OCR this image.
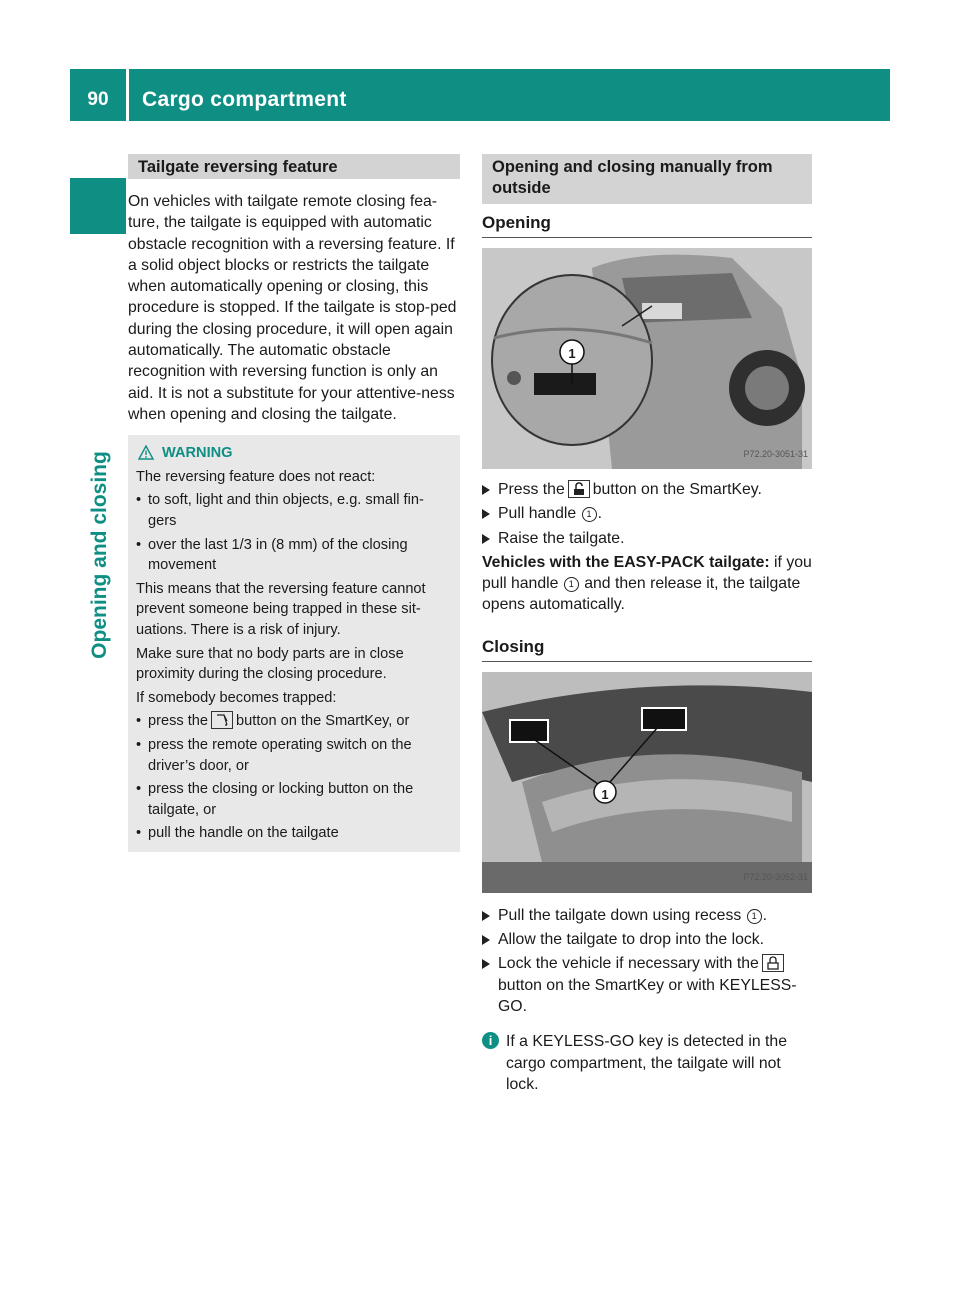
90	Cargo compartment
Opening and closing
Tailgate reversing feature

On vehicles with tailgate remote closing fea-ture, the tailgate is equipped with automatic obstacle recognition with a reversing feature. If a solid object blocks or restricts the tailgate when automatically opening or closing, this procedure is stopped. If the tailgate is stop-ped during the closing procedure, it will open again automatically. The automatic obstacle recognition with reversing function is only an aid. It is not a substitute for your attentive-ness when opening and closing the tailgate.

WARNING

The reversing feature does not react:

• to soft, light and thin objects, e.g. small fin-gers
• over the last 1/3 in (8 mm) of the closing movement

This means that the reversing feature cannot prevent someone being trapped in these sit-uations. There is a risk of injury.

Make sure that no body parts are in close proximity during the closing procedure.

If somebody becomes trapped:

• press the button on the SmartKey, or
• press the remote operating switch on the driver’s door, or
• press the closing or locking button on the tailgate, or
• pull the handle on the tailgate
Opening and closing manually from outside
Opening
1
P72.20-3051-31
Press the button on the SmartKey.
Pull handle 1 .
Raise the tailgate.

Vehicles with the EASY-PACK tailgate: if you pull handle 1 and then release it, the tailgate opens automatically.

Closing
1
P72.20-3052-31
Pull the tailgate down using recess 1 .
Allow the tailgate to drop into the lock.
Lock the vehicle if necessary with the button on the SmartKey or with KEYLESS-GO.

i If a KEYLESS-GO key is detected in the cargo compartment, the tailgate will not lock.
